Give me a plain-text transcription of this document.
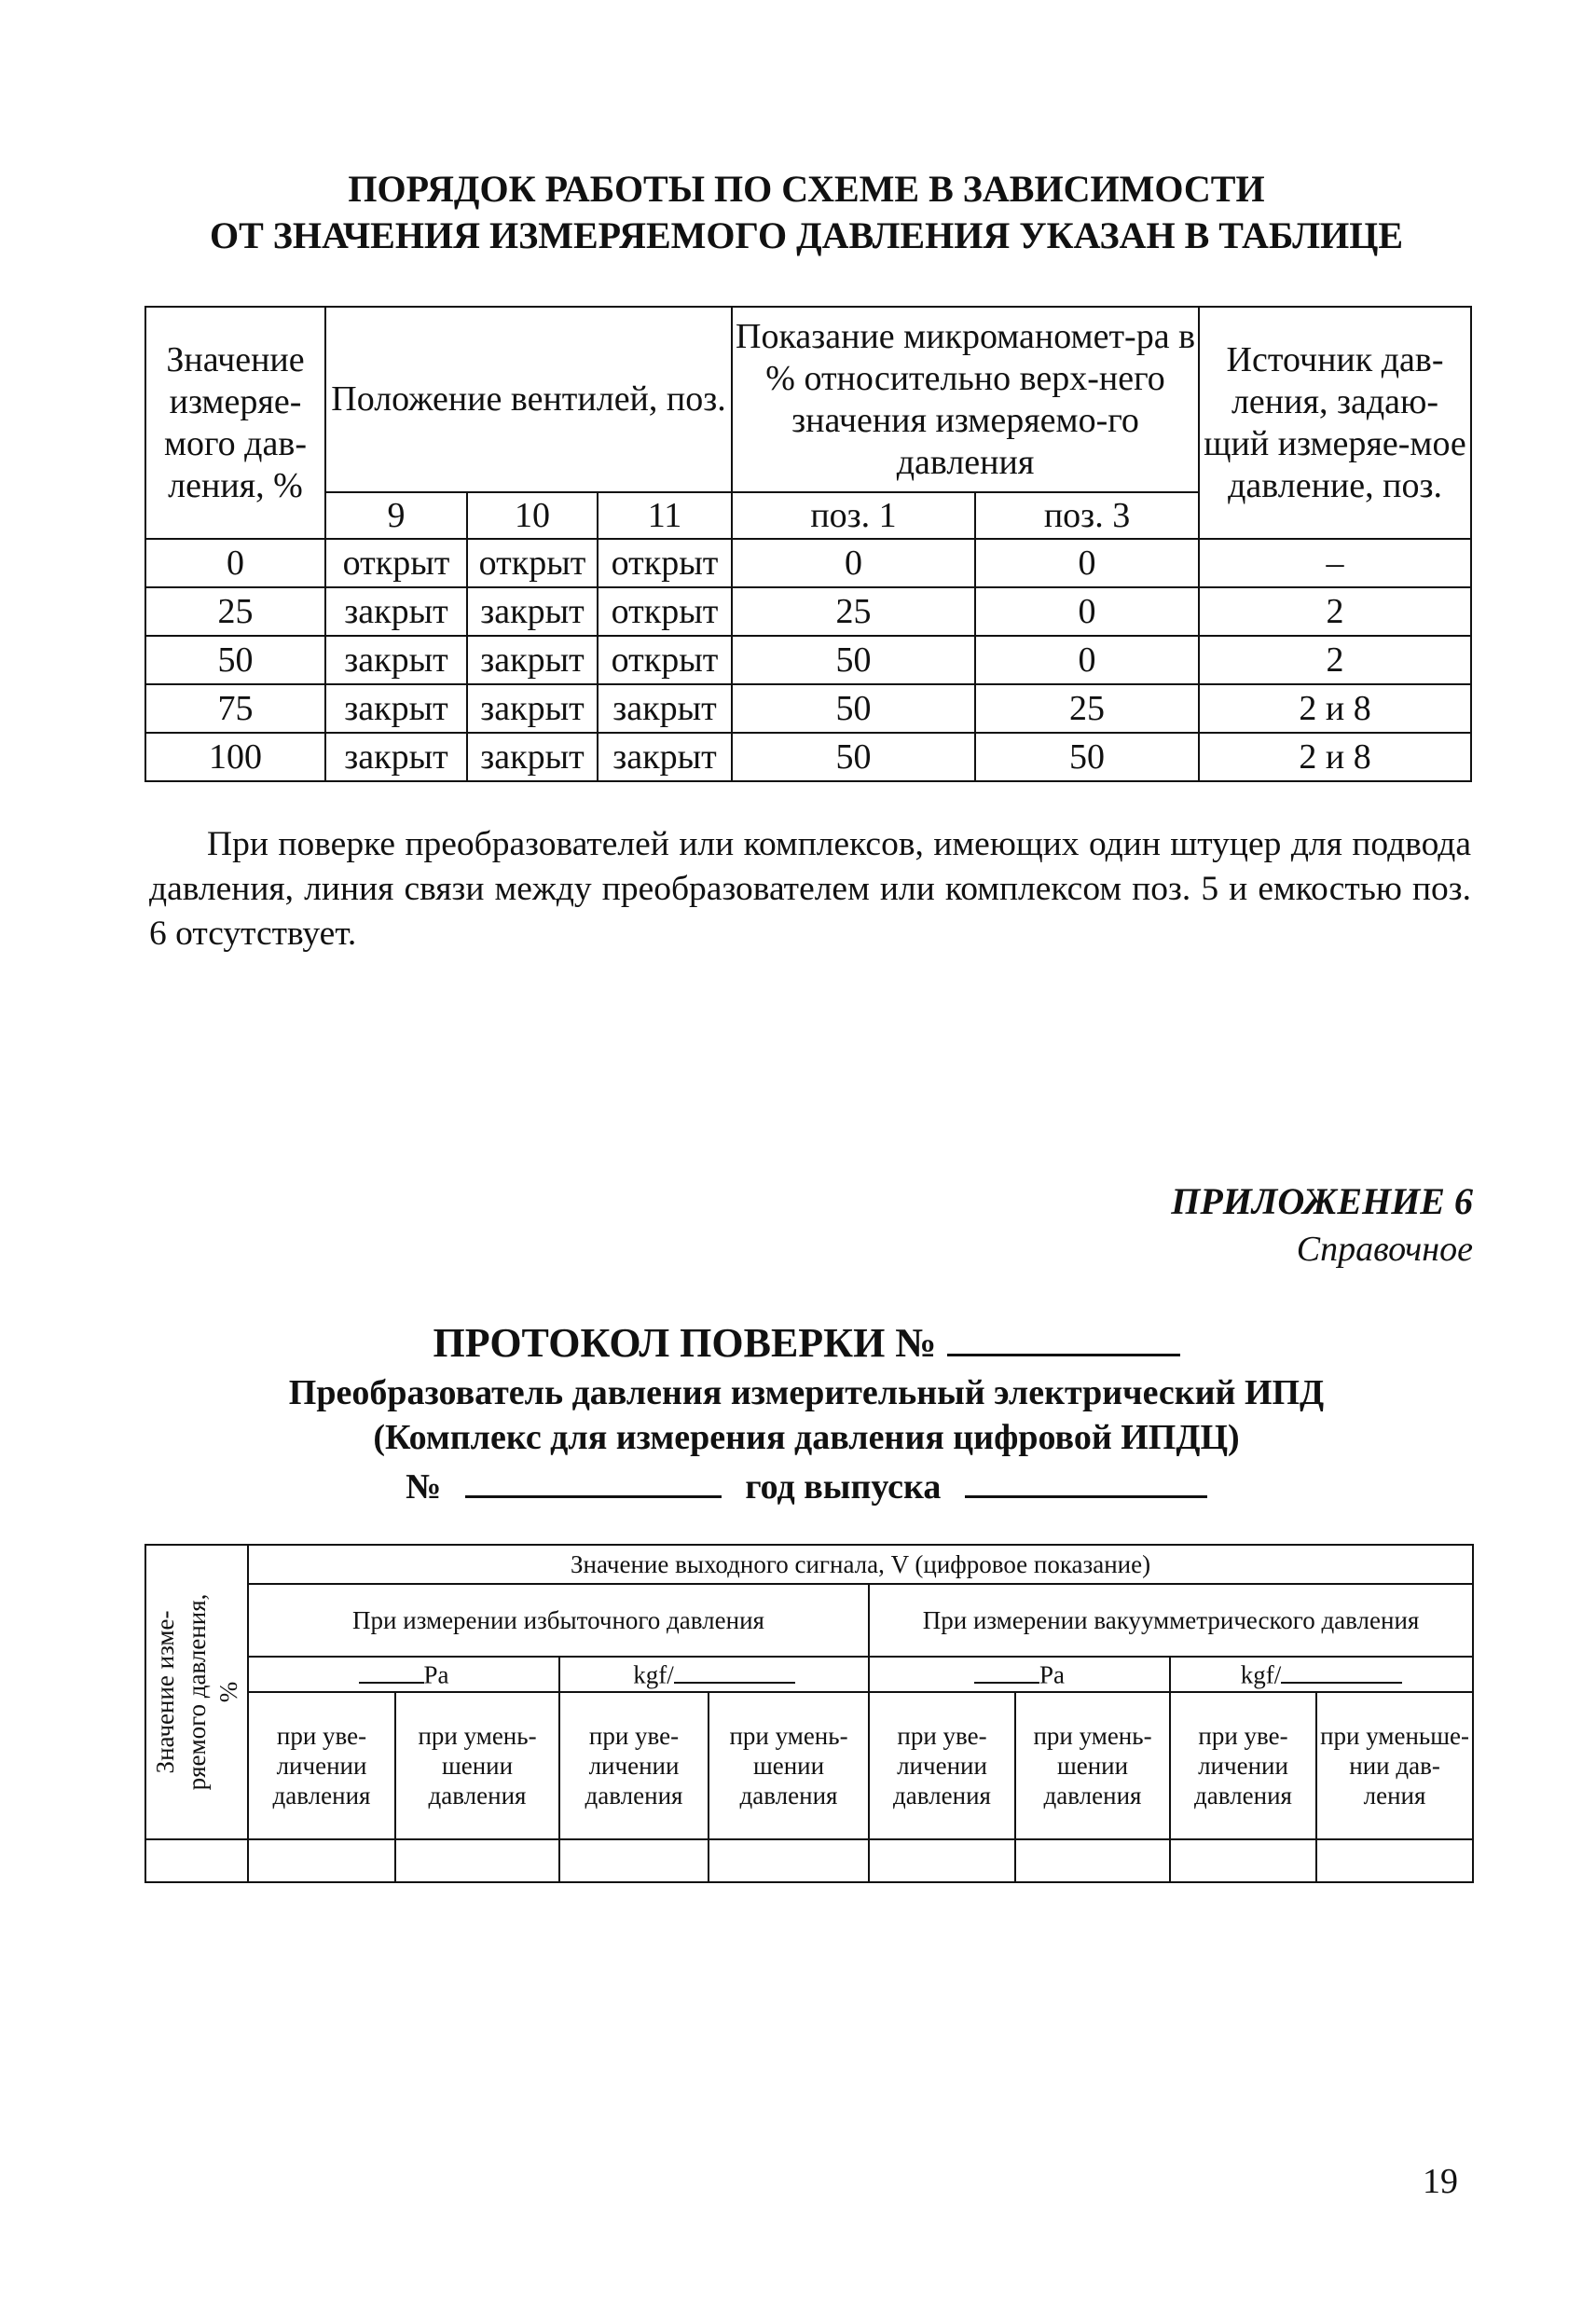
ПОРЯДОК РАБОТЫ ПО СХЕМЕ В ЗАВИСИМОСТИ
ОТ ЗНАЧЕНИЯ ИЗМЕРЯЕМОГО ДАВЛЕНИЯ УКАЗАН В ТАБЛИЦЕ
Значение измеряе-мого дав-ления, %	Положение вентилей, поз.			Показание микроманомет-ра в % относительно верх-него значения измеряемо-го давления		Источник дав-ления, задаю-щий измеряе-мое давление, поз.
	9	10	11	поз. 1	поз. 3	
0	открыт	открыт	открыт	0	0	–
25	закрыт	закрыт	открыт	25	0	2
50	закрыт	закрыт	открыт	50	0	2
75	закрыт	закрыт	закрыт	50	25	2 и 8
100	закрыт	закрыт	закрыт	50	50	2 и 8

При поверке преобразователей или комплексов, имеющих один штуцер для подвода давления, линия связи между преобразователем или комплексом поз. 5 и емкостью поз. 6 отсутствует.

ПРИЛОЖЕНИЕ 6
Справочное
ПРОТОКОЛ ПОВЕРКИ №
Преобразователь давления измерительный электрический ИПД
(Комплекс для измерения давления цифровой ИПДЦ)
№	год выпуска
Значение изме-
ряемого давления,
%	Значение выходного сигнала, V (цифровое показание)							
	При измерении избыточного давления				При измерении вакуумметрического давления			
	Pa		kgf/		Pa		kgf/	
	при уве-личении давления	при умень-шении давления	при уве-личении давления	при умень-шении давления	при уве-личении давления	при умень-шении давления	при уве-личении давления	при уменьше-нии дав-ления

19
